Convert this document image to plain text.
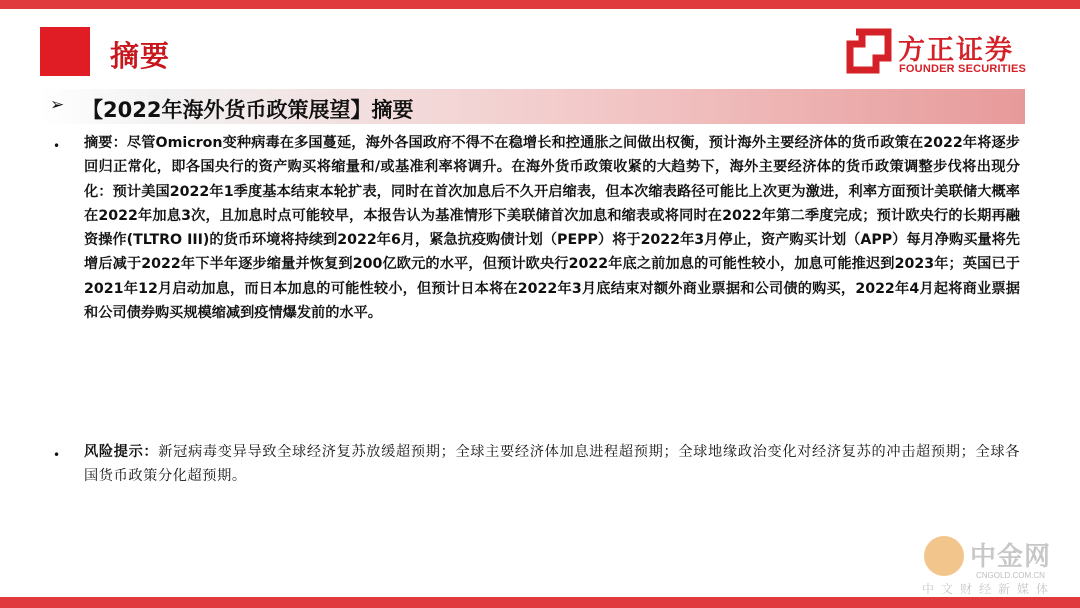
摘要	方正证券
FOUNDER SECURITIES
➢ 【2022年海外货币政策展望】摘要
• 摘要：尽管Omicron变种病毒在多国蔓延，海外各国政府不得不在稳增长和控通胀之间做出权衡，预计海外主要经济体的货币政策在2022年将逐步回归正常化，即各国央行的资产购买将缩量和/或基准利率将调升。在海外货币政策收紧的大趋势下，海外主要经济体的货币政策调整步伐将出现分化：预计美国2022年1季度基本结束本轮扩表，同时在首次加息后不久开启缩表，但本次缩表路径可能比上次更为激进，利率方面预计美联储大概率在2022年加息3次，且加息时点可能较早，本报告认为基准情形下美联储首次加息和缩表或将同时在2022年第二季度完成；预计欧央行的长期再融资操作(TLTRO III)的货币环境将持续到2022年6月，紧急抗疫购债计划（PEPP）将于2022年3月停止，资产购买计划（APP）每月净购买量将先增后减于2022年下半年逐步缩量并恢复到200亿欧元的水平，但预计欧央行2022年底之前加息的可能性较小，加息可能推迟到2023年；英国已于2021年12月启动加息，而日本加息的可能性较小，但预计日本将在2022年3月底结束对额外商业票据和公司债的购买，2022年4月起将商业票据和公司债券购买规模缩减到疫情爆发前的水平。
• 风险提示：新冠病毒变异导致全球经济复苏放缓超预期；全球主要经济体加息进程超预期；全球地缘政治变化对经济复苏的冲击超预期；全球各国货币政策分化超预期。
中金网
CNGOLD.COM.CN
中文财经新媒体 2
